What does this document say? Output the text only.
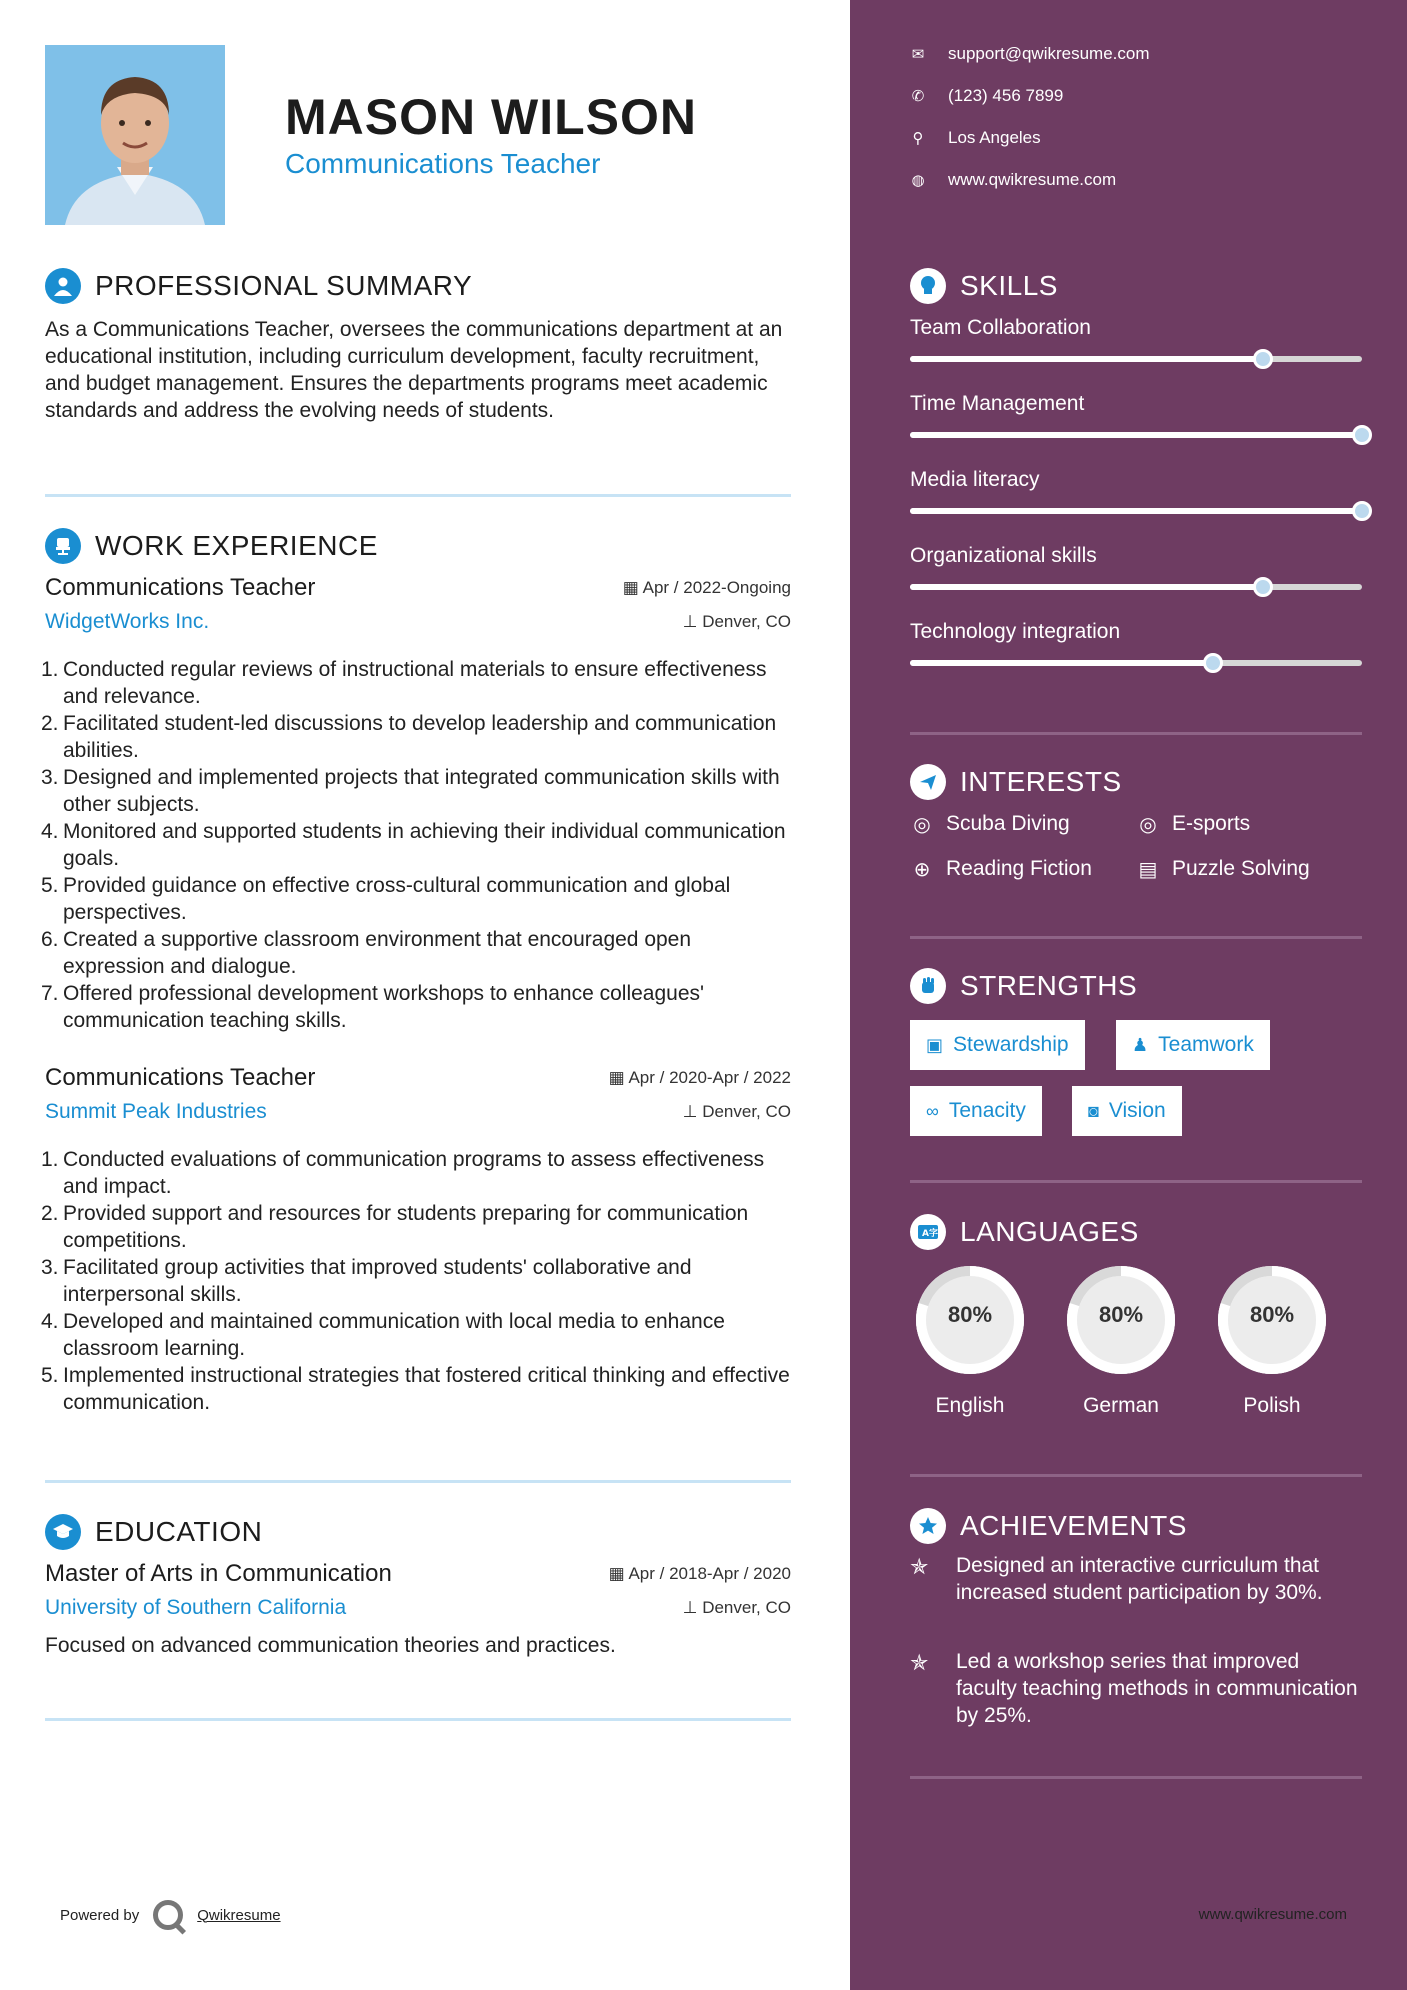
MASON WILSON
Communications Teacher
PROFESSIONAL SUMMARY
As a Communications Teacher, oversees the communications department at an educational institution, including curriculum development, faculty recruitment, and budget management. Ensures the departments programs meet academic standards and address the evolving needs of students.
WORK EXPERIENCE
Communications Teacher	▦ Apr / 2022-Ongoing
WidgetWorks Inc.	⊥ Denver, CO
1. Conducted regular reviews of instructional materials to ensure effectiveness and relevance.
2. Facilitated student-led discussions to develop leadership and communication abilities.
3. Designed and implemented projects that integrated communication skills with other subjects.
4. Monitored and supported students in achieving their individual communication goals.
5. Provided guidance on effective cross-cultural communication and global perspectives.
6. Created a supportive classroom environment that encouraged open expression and dialogue.
7. Offered professional development workshops to enhance colleagues' communication teaching skills.
Communications Teacher	▦ Apr / 2020-Apr / 2022
Summit Peak Industries	⊥ Denver, CO
1. Conducted evaluations of communication programs to assess effectiveness and impact.
2. Provided support and resources for students preparing for communication competitions.
3. Facilitated group activities that improved students' collaborative and interpersonal skills.
4. Developed and maintained communication with local media to enhance classroom learning.
5. Implemented instructional strategies that fostered critical thinking and effective communication.
EDUCATION
Master of Arts in Communication	▦ Apr / 2018-Apr / 2020
University of Southern California	⊥ Denver, CO
Focused on advanced communication theories and practices.
Powered by	Qwikresume
✉ support@qwikresume.com
✆ (123) 456 7899
⚲ Los Angeles
◍ www.qwikresume.com
SKILLS
Team Collaboration
Time Management
Media literacy
Organizational skills
Technology integration
INTERESTS
◎ Scuba Diving	◎ E-sports
⊕ Reading Fiction ▤ Puzzle Solving
STRENGTHS
▣ Stewardship	♟ Teamwork
∞ Tenacity	◙ Vision
A 字 LANGUAGES
80%
English
80%
German
80%
Polish
ACHIEVEMENTS
✯	Designed an interactive curriculum that increased student participation by 30%.
✯	Led a workshop series that improved faculty teaching methods in communication by 25%.
www.qwikresume.com
